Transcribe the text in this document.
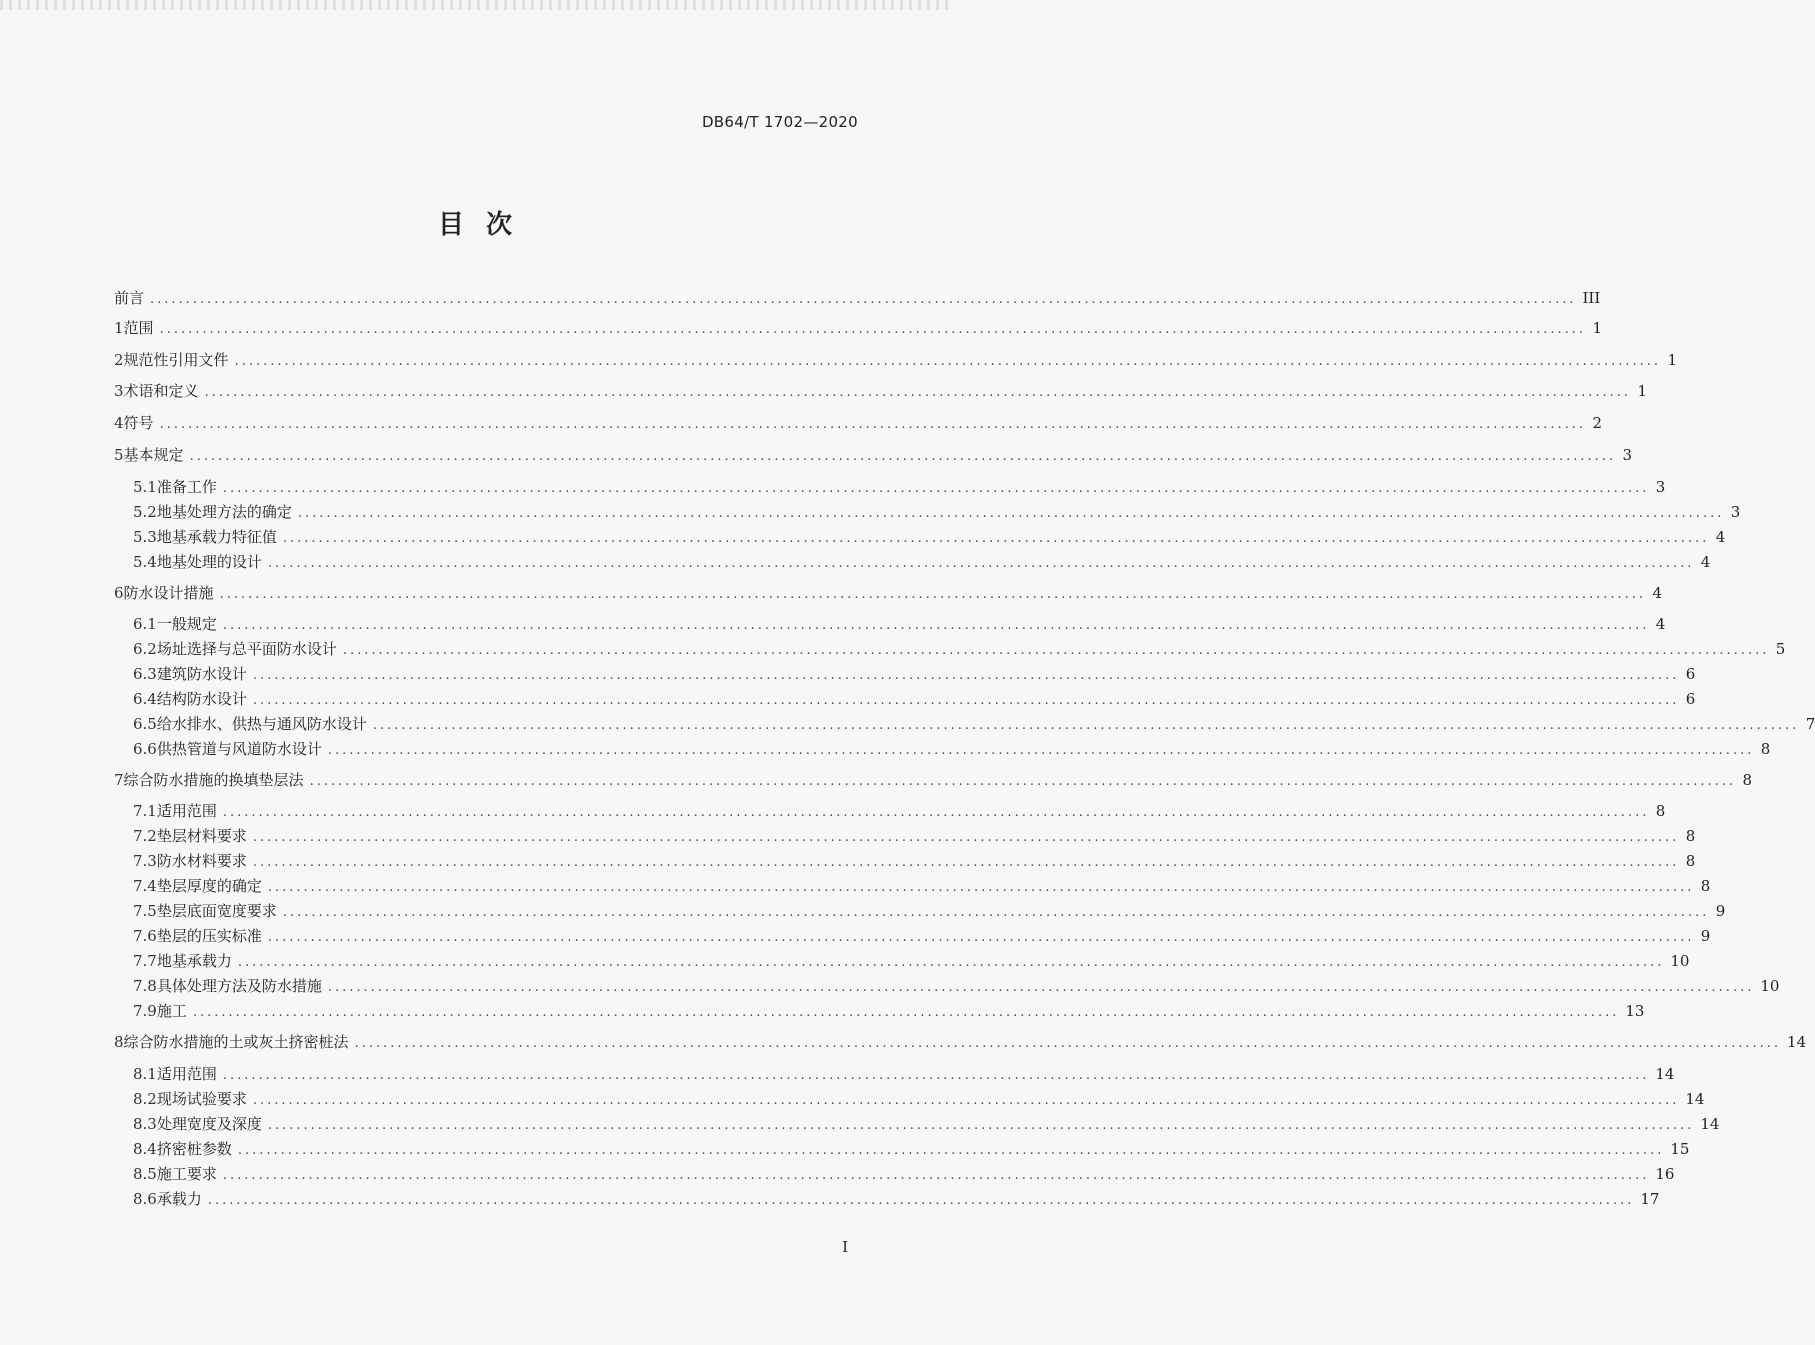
DB64/T 1702—2020
目次
前言 ........................................................................................................................................................................................................ III
1 范围 ........................................................................................................................................................................................................ 1
2 规范性引用文件 ........................................................................................................................................................................................................ 1
3 术语和定义 ........................................................................................................................................................................................................ 1
4 符号 ........................................................................................................................................................................................................ 2
5 基本规定 ........................................................................................................................................................................................................ 3
5.1 准备工作 ........................................................................................................................................................................................................ 3
5.2 地基处理方法的确定 ........................................................................................................................................................................................................ 3
5.3 地基承载力特征值 ........................................................................................................................................................................................................ 4
5.4 地基处理的设计 ........................................................................................................................................................................................................ 4
6 防水设计措施 ........................................................................................................................................................................................................ 4
6.1 一般规定 ........................................................................................................................................................................................................ 4
6.2 场址选择与总平面防水设计 ........................................................................................................................................................................................................ 5
6.3 建筑防水设计 ........................................................................................................................................................................................................ 6
6.4 结构防水设计 ........................................................................................................................................................................................................ 6
6.5 给水排水、供热与通风防水设计 ........................................................................................................................................................................................................ 7
6.6 供热管道与风道防水设计 ........................................................................................................................................................................................................ 8
7 综合防水措施的换填垫层法 ........................................................................................................................................................................................................ 8
7.1 适用范围 ........................................................................................................................................................................................................ 8
7.2 垫层材料要求 ........................................................................................................................................................................................................ 8
7.3 防水材料要求 ........................................................................................................................................................................................................ 8
7.4 垫层厚度的确定 ........................................................................................................................................................................................................ 8
7.5 垫层底面宽度要求 ........................................................................................................................................................................................................ 9
7.6 垫层的压实标准 ........................................................................................................................................................................................................ 9
7.7 地基承载力 ........................................................................................................................................................................................................ 10
7.8 具体处理方法及防水措施 ........................................................................................................................................................................................................ 10
7.9 施工 ........................................................................................................................................................................................................ 13
8 综合防水措施的土或灰土挤密桩法 ........................................................................................................................................................................................................ 14
8.1 适用范围 ........................................................................................................................................................................................................ 14
8.2 现场试验要求 ........................................................................................................................................................................................................ 14
8.3 处理宽度及深度 ........................................................................................................................................................................................................ 14
8.4 挤密桩参数 ........................................................................................................................................................................................................ 15
8.5 施工要求 ........................................................................................................................................................................................................ 16
8.6 承载力 ........................................................................................................................................................................................................ 17
I
